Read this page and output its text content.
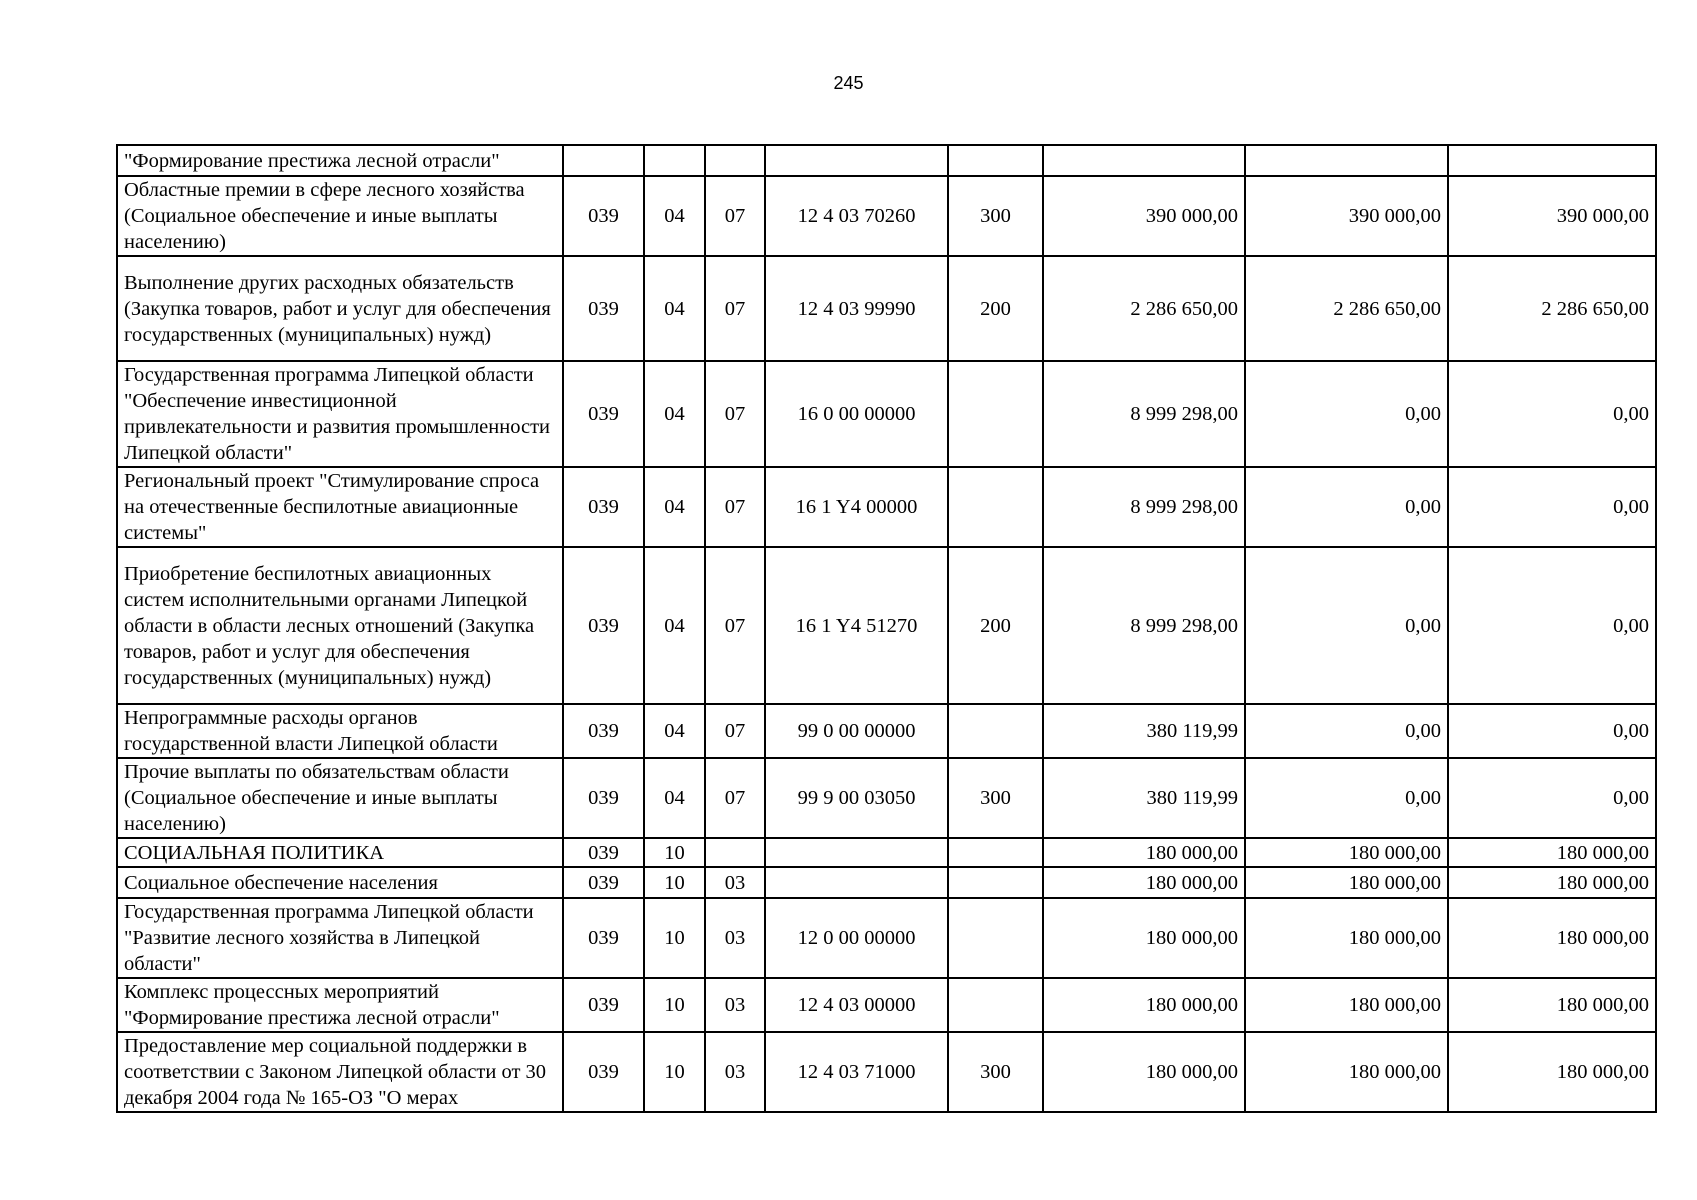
245
"Формирование престижа лесной отрасли"								
Областные премии в сфере лесного хозяйства (Социальное обеспечение и иные выплаты населению)	039	04	07	12 4 03 70260	300	390 000,00	390 000,00	390 000,00
Выполнение других расходных обязательств (Закупка товаров, работ и услуг для обеспечения государственных (муниципальных) нужд)	039	04	07	12 4 03 99990	200	2 286 650,00	2 286 650,00	2 286 650,00
Государственная программа Липецкой области "Обеспечение инвестиционной привлекательности и развития промышленности Липецкой области"	039	04	07	16 0 00 00000		8 999 298,00	0,00	0,00
Региональный проект "Стимулирование спроса на отечественные беспилотные авиационные системы"	039	04	07	16 1 Y4 00000		8 999 298,00	0,00	0,00
Приобретение беспилотных авиационных систем исполнительными органами Липецкой области в области лесных отношений (Закупка товаров, работ и услуг для обеспечения государственных (муниципальных) нужд)	039	04	07	16 1 Y4 51270	200	8 999 298,00	0,00	0,00
Непрограммные расходы органов государственной власти Липецкой области	039	04	07	99 0 00 00000		380 119,99	0,00	0,00
Прочие выплаты по обязательствам области (Социальное обеспечение и иные выплаты населению)	039	04	07	99 9 00 03050	300	380 119,99	0,00	0,00
СОЦИАЛЬНАЯ ПОЛИТИКА	039	10				180 000,00	180 000,00	180 000,00
Социальное обеспечение населения	039	10	03			180 000,00	180 000,00	180 000,00
Государственная программа Липецкой области "Развитие лесного хозяйства в Липецкой области"	039	10	03	12 0 00 00000		180 000,00	180 000,00	180 000,00
Комплекс процессных мероприятий "Формирование престижа лесной отрасли"	039	10	03	12 4 03 00000		180 000,00	180 000,00	180 000,00
Предоставление мер социальной поддержки в соответствии с Законом Липецкой области от 30 декабря 2004 года № 165-ОЗ "О мерах	039	10	03	12 4 03 71000	300	180 000,00	180 000,00	180 000,00
